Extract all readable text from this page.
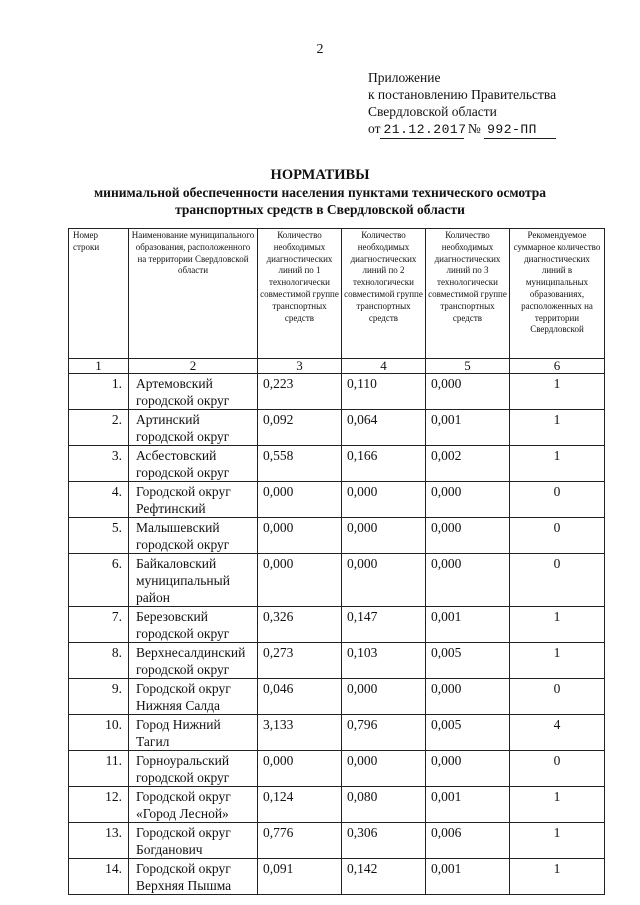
2
Приложение
к постановлению Правительства
Свердловской области
от 21.12.2017 № 992-ПП
НОРМАТИВЫ
минимальной обеспеченности населения пунктами технического осмотра
транспортных средств в Свердловской области
Номер строки	Наименование муниципального образования, расположенного на территории Свердловской области	Количество необходимых диагностических линий по 1 технологически совместимой группе транспортных средств	Количество необходимых диагностических линий по 2 технологически совместимой группе транспортных средств	Количество необходимых диагностических линий по 3 технологически совместимой группе транспортных средств	Рекомендуемое суммарное количество диагностических линий в муниципальных образованиях, расположенных на территории Свердловской
1	2	3	4	5	6
1.	Артемовский городской округ	0,223	0,110	0,000	1
2.	Артинский городской округ	0,092	0,064	0,001	1
3.	Асбестовский городской округ	0,558	0,166	0,002	1
4.	Городской округ Рефтинский	0,000	0,000	0,000	0
5.	Малышевский городской округ	0,000	0,000	0,000	0
6.	Байкаловский муниципальный район	0,000	0,000	0,000	0
7.	Березовский городской округ	0,326	0,147	0,001	1
8.	Верхнесалдинский городской округ	0,273	0,103	0,005	1
9.	Городской округ Нижняя Салда	0,046	0,000	0,000	0
10.	Город Нижний Тагил	3,133	0,796	0,005	4
11.	Горноуральский городской округ	0,000	0,000	0,000	0
12.	Городской округ «Город Лесной»	0,124	0,080	0,001	1
13.	Городской округ Богданович	0,776	0,306	0,006	1
14.	Городской округ Верхняя Пышма	0,091	0,142	0,001	1
